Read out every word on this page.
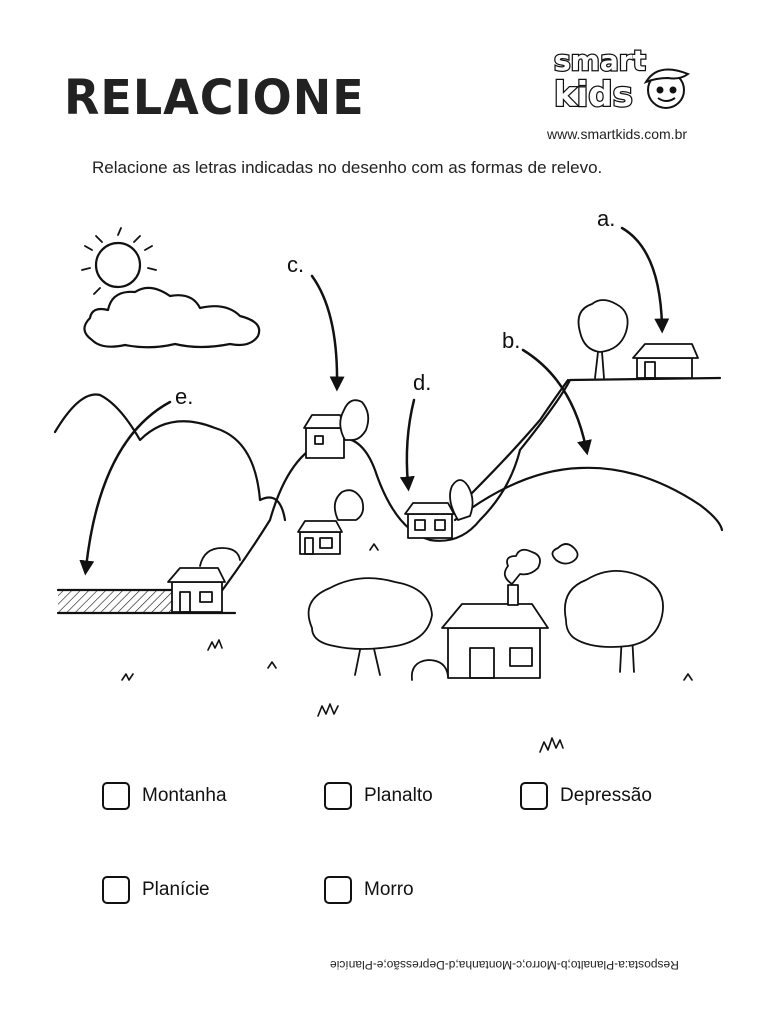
RELACIONE
smart
kids
www.smartkids.com.br
Relacione as letras indicadas no desenho com as formas de relevo.
a.
b.
c.
d.
e.
Montanha	Planalto	Depressão
Planície	Morro
Resposta:a-Planalto;b-Morro;c-Montanha;d-Depressão;e-Planície
